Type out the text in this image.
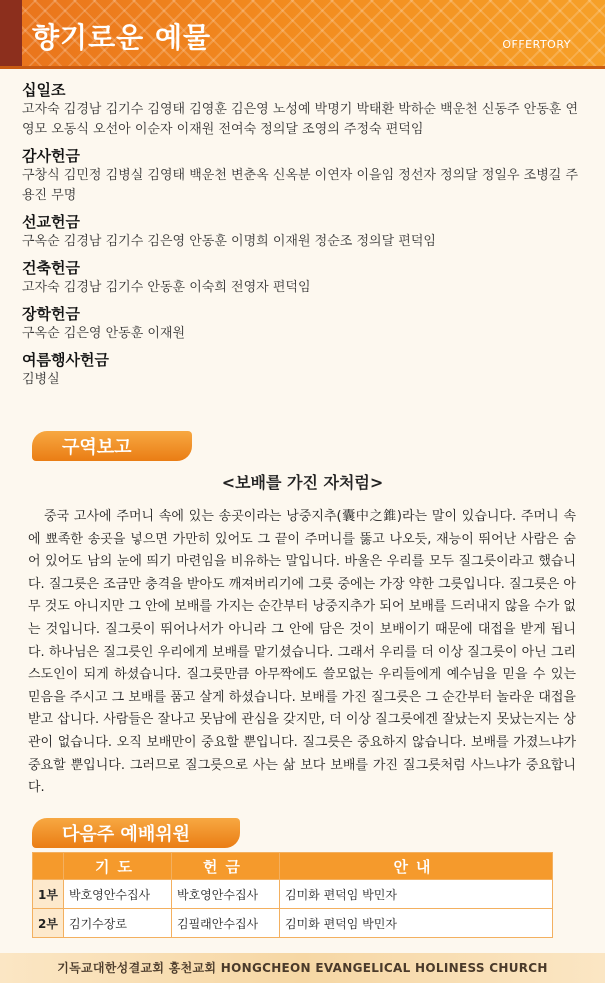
향기로운 예물	OFFERTORY
십일조
고자숙 김경남 김기수 김영태 김영훈 김은영 노성예 박명기 박태환 박하순 백운천 신동주 안동훈 연영모 오동식 오선아 이순자 이재원 전여숙 정의달 조영의 주정숙 편덕임
감사헌금
구창식 김민정 김병실 김영태 백운천 변춘옥 신옥분 이연자 이을임 정선자 정의달 정일우 조병길 주용진 무명
선교헌금
구옥순 김경남 김기수 김은영 안동훈 이명희 이재원 정순조 정의달 편덕임
건축헌금
고자숙 김경남 김기수 안동훈 이숙희 전영자 편덕임
장학헌금
구옥순 김은영 안동훈 이재원
여름행사헌금
김병실
구역보고
<보배를 가진 자처럼>
중국 고사에 주머니 속에 있는 송곳이라는 낭중지추(囊中之錐)라는 말이 있습니다. 주머니 속에 뾰족한 송곳을 넣으면 가만히 있어도 그 끝이 주머니를 뚫고 나오듯, 재능이 뛰어난 사람은 숨어 있어도 남의 눈에 띄기 마련임을 비유하는 말입니다. 바울은 우리를 모두 질그릇이라고 했습니다. 질그릇은 조금만 충격을 받아도 깨져버리기에 그릇 중에는 가장 약한 그릇입니다. 질그릇은 아무 것도 아니지만 그 안에 보배를 가지는 순간부터 낭중지추가 되어 보배를 드러내지 않을 수가 없는 것입니다. 질그릇이 뛰어나서가 아니라 그 안에 담은 것이 보배이기 때문에 대접을 받게 됩니다. 하나님은 질그릇인 우리에게 보배를 맡기셨습니다. 그래서 우리를 더 이상 질그릇이 아닌 그리스도인이 되게 하셨습니다. 질그릇만큼 아무짝에도 쓸모없는 우리들에게 예수님을 믿을 수 있는 믿음을 주시고 그 보배를 품고 살게 하셨습니다. 보배를 가진 질그릇은 그 순간부터 놀라운 대접을 받고 삽니다. 사람들은 잘나고 못남에 관심을 갖지만, 더 이상 질그릇에겐 잘났는지 못났는지는 상관이 없습니다. 오직 보배만이 중요할 뿐입니다. 질그릇은 중요하지 않습니다. 보배를 가졌느냐가 중요할 뿐입니다. 그러므로 질그릇으로 사는 삶 보다 보배를 가진 질그릇처럼 사느냐가 중요합니다.
다음주 예배위원
	기도	헌금	안내
1부	박호영안수집사	박호영안수집사	김미화 편덕임 박민자
2부	김기수장로	김필래안수집사	김미화 편덕임 박민자
기독교대한성결교회 홍천교회 HONGCHEON EVANGELICAL HOLINESS CHURCH
